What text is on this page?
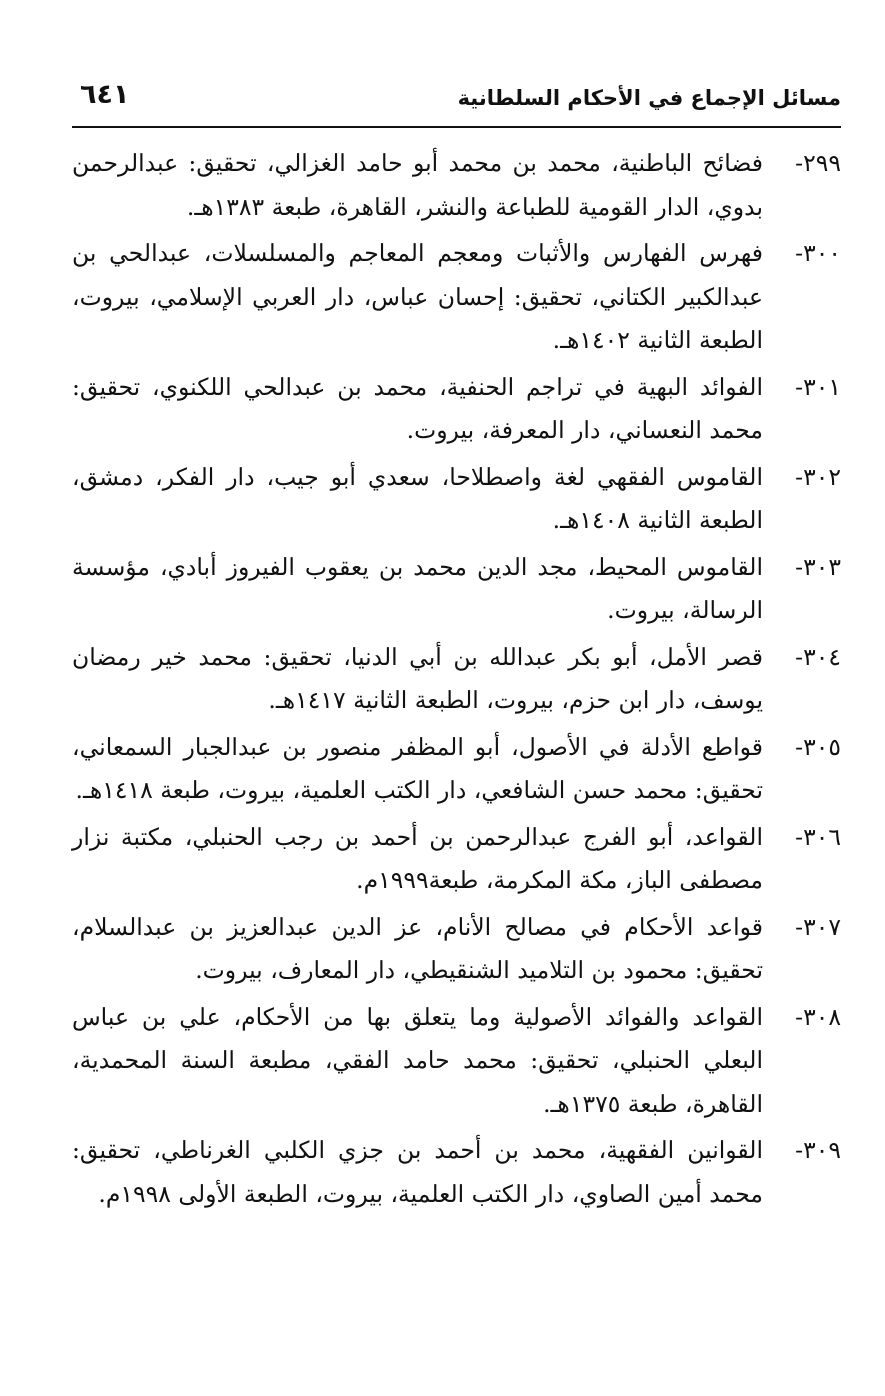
مسائل الإجماع في الأحكام السلطانية
٦٤١
٢٩٩-
فضائح الباطنية، محمد بن محمد أبو حامد الغزالي، تحقيق: عبدالرحمن بدوي، الدار القومية للطباعة والنشر، القاهرة، طبعة ١٣٨٣هـ.
٣٠٠-
فهرس الفهارس والأثبات ومعجم المعاجم والمسلسلات، عبدالحي بن عبدالكبير الكتاني، تحقيق: إحسان عباس، دار العربي الإسلامي، بيروت، الطبعة الثانية ١٤٠٢هـ.
٣٠١-
الفوائد البهية في تراجم الحنفية، محمد بن عبدالحي اللكنوي، تحقيق: محمد النعساني، دار المعرفة، بيروت.
٣٠٢-
القاموس الفقهي لغة واصطلاحا، سعدي أبو جيب، دار الفكر، دمشق، الطبعة الثانية ١٤٠٨هـ.
٣٠٣-
القاموس المحيط، مجد الدين محمد بن يعقوب الفيروز أبادي، مؤسسة الرسالة، بيروت.
٣٠٤-
قصر الأمل، أبو بكر عبدالله بن أبي الدنيا، تحقيق: محمد خير رمضان يوسف، دار ابن حزم، بيروت، الطبعة الثانية ١٤١٧هـ.
٣٠٥-
قواطع الأدلة في الأصول، أبو المظفر منصور بن عبدالجبار السمعاني، تحقيق: محمد حسن الشافعي، دار الكتب العلمية، بيروت، طبعة ١٤١٨هـ.
٣٠٦-
القواعد، أبو الفرج عبدالرحمن بن أحمد بن رجب الحنبلي، مكتبة نزار مصطفى الباز، مكة المكرمة، طبعة١٩٩٩م.
٣٠٧-
قواعد الأحكام في مصالح الأنام، عز الدين عبدالعزيز بن عبدالسلام، تحقيق: محمود بن التلاميد الشنقيطي، دار المعارف، بيروت.
٣٠٨-
القواعد والفوائد الأصولية وما يتعلق بها من الأحكام، علي بن عباس البعلي الحنبلي، تحقيق: محمد حامد الفقي، مطبعة السنة المحمدية، القاهرة، طبعة ١٣٧٥هـ.
٣٠٩-
القوانين الفقهية، محمد بن أحمد بن جزي الكلبي الغرناطي، تحقيق: محمد أمين الصاوي، دار الكتب العلمية، بيروت، الطبعة الأولى ١٩٩٨م.
